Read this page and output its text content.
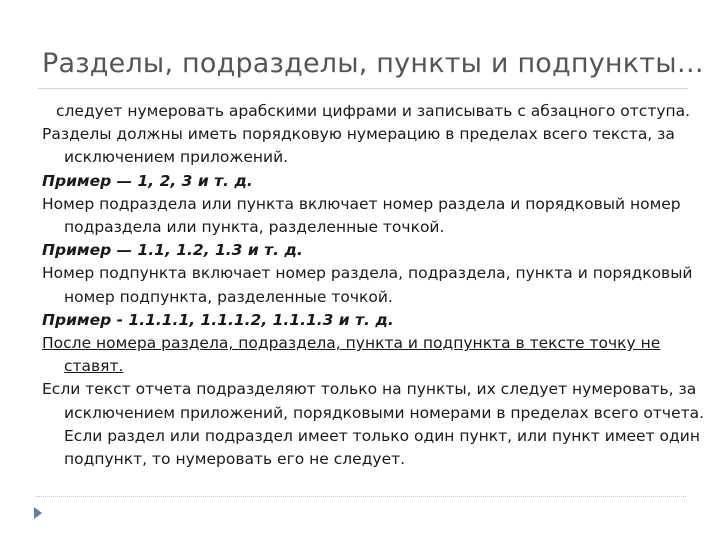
Разделы, подразделы, пункты и подпункты…

следует нумеровать арабскими цифрами и записывать с абзацного отступа.

Разделы должны иметь порядковую нумерацию в пределах всего текста, за исключением приложений.

Пример — 1, 2, 3 и т. д.

Номер подраздела или пункта включает номер раздела и порядковый номер подраздела или пункта, разделенные точкой.

Пример — 1.1, 1.2, 1.3 и т. д.

Номер подпункта включает номер раздела, подраздела, пункта и порядковый номер подпункта, разделенные точкой.

Пример - 1.1.1.1, 1.1.1.2, 1.1.1.3 и т. д.

После номера раздела, подраздела, пункта и подпункта в тексте точку не ставят.

Если текст отчета подразделяют только на пункты, их следует нумеровать, за исключением приложений, порядковыми номерами в пределах всего отчета. Если раздел или подраздел имеет только один пункт, или пункт имеет один подпункт, то нумеровать его не следует.
